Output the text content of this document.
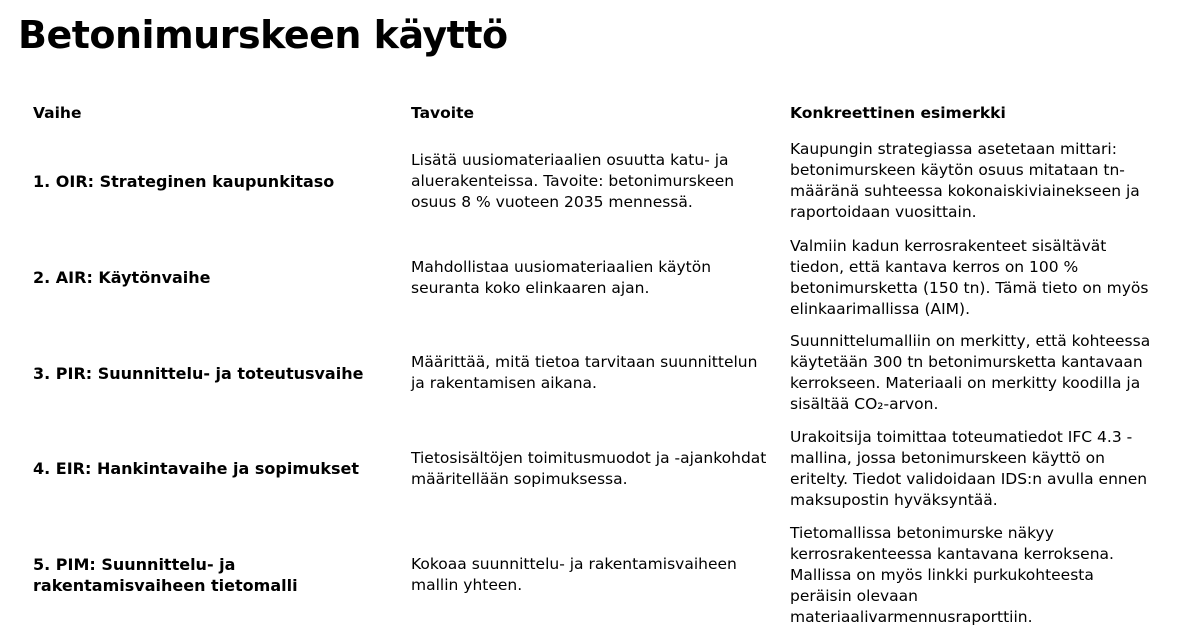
Betonimurskeen käyttö
Vaihe	Tavoite	Konkreettinen esimerkki
1. OIR: Strateginen kaupunkitaso	Lisätä uusiomateriaalien osuutta katu- ja aluerakenteissa. Tavoite: betonimurskeen osuus 8 % vuoteen 2035 mennessä.	Kaupungin strategiassa asetetaan mittari: betonimurskeen käytön osuus mitataan tn-määränä suhteessa kokonaiskiviainekseen ja raportoidaan vuosittain.
2. AIR: Käytönvaihe	Mahdollistaa uusiomateriaalien käytön seuranta koko elinkaaren ajan.	Valmiin kadun kerrosrakenteet sisältävät tiedon, että kantava kerros on 100 % betonimursketta (150 tn). Tämä tieto on myös elinkaarimallissa (AIM).
3. PIR: Suunnittelu- ja toteutusvaihe	Määrittää, mitä tietoa tarvitaan suunnittelun ja rakentamisen aikana.	Suunnittelumalliin on merkitty, että kohteessa käytetään 300 tn betonimursketta kantavaan kerrokseen. Materiaali on merkitty koodilla ja sisältää CO₂-arvon.
4. EIR: Hankintavaihe ja sopimukset	Tietosisältöjen toimitusmuodot ja -ajankohdat määritellään sopimuksessa.	Urakoitsija toimittaa toteumatiedot IFC 4.3 -mallina, jossa betonimurskeen käyttö on eritelty. Tiedot validoidaan IDS:n avulla ennen maksupostin hyväksyntää.
5. PIM: Suunnittelu- ja rakentamisvaiheen tietomalli	Kokoaa suunnittelu- ja rakentamisvaiheen mallin yhteen.	Tietomallissa betonimurske näkyy kerrosrakenteessa kantavana kerroksena. Mallissa on myös linkki purkukohteesta peräisin olevaan materiaalivarmennusraporttiin.
